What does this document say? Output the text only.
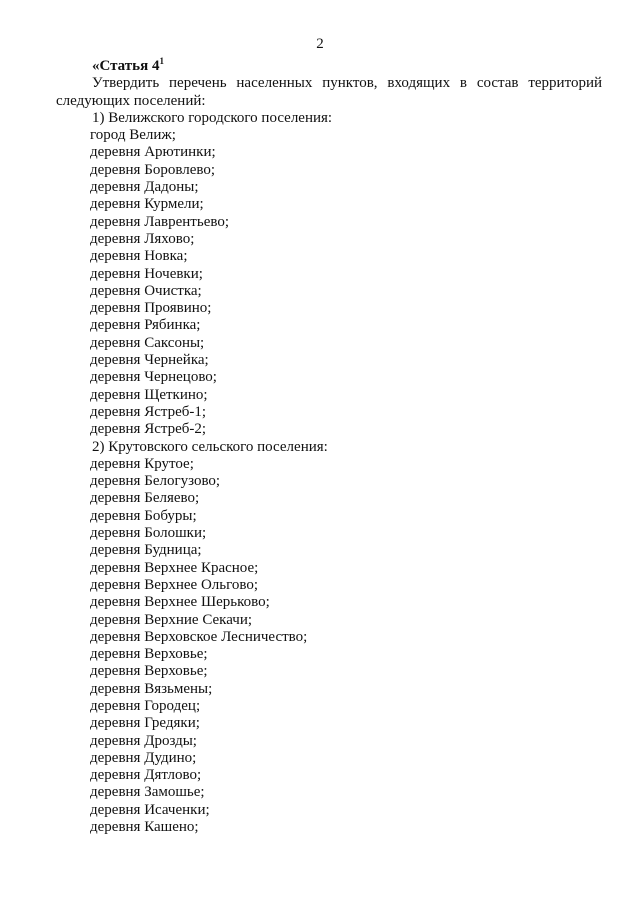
2
«Статья $4^1$
Утвердить перечень населенных пунктов, входящих в состав территорий
следующих поселений:
1) Велижского городского поселения:
город Велиж;
деревня Арютинки;
деревня Боровлево;
деревня Дадоны;
деревня Курмели;
деревня Лаврентьево;
деревня Ляхово;
деревня Новка;
деревня Ночевки;
деревня Очистка;
деревня Проявино;
деревня Рябинка;
деревня Саксоны;
деревня Чернейка;
деревня Чернецово;
деревня Щеткино;
деревня Ястреб-1;
деревня Ястреб-2;
2) Крутовского сельского поселения:
деревня Крутое;
деревня Белогузово;
деревня Беляево;
деревня Бобуры;
деревня Болошки;
деревня Будница;
деревня Верхнее Красное;
деревня Верхнее Ольгово;
деревня Верхнее Шерьково;
деревня Верхние Секачи;
деревня Верховское Лесничество;
деревня Верховье;
деревня Верховье;
деревня Вязьмены;
деревня Городец;
деревня Гредяки;
деревня Дрозды;
деревня Дудино;
деревня Дятлово;
деревня Замошье;
деревня Исаченки;
деревня Кашено;
